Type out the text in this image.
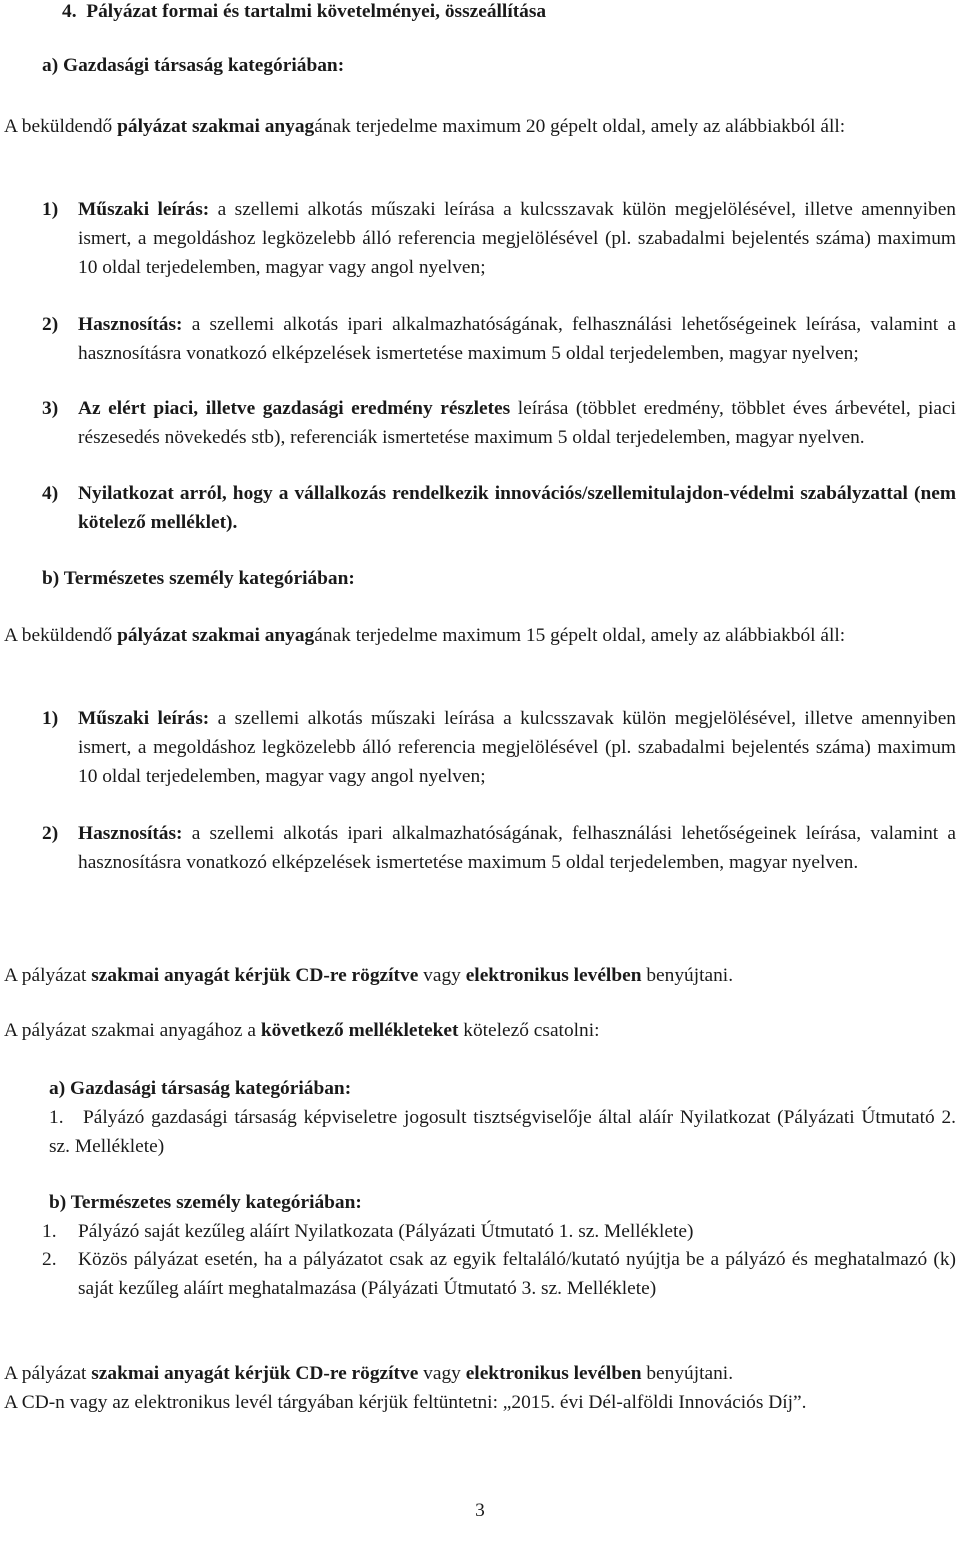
4.  Pályázat formai és tartalmi követelményei, összeállítása
a) Gazdasági társaság kategóriában:

A beküldendő pályázat szakmai anyagának terjedelme maximum 20 gépelt oldal, amely az alábbiakból áll:

1) Műszaki leírás: a szellemi alkotás műszaki leírása a kulcsszavak külön megjelölésével, illetve amennyiben ismert, a megoldáshoz legközelebb álló referencia megjelölésével (pl. szabadalmi bejelentés száma) maximum 10 oldal terjedelemben, magyar vagy angol nyelven;

2) Hasznosítás: a szellemi alkotás ipari alkalmazhatóságának, felhasználási lehetőségeinek leírása, valamint a hasznosításra vonatkozó elképzelések ismertetése maximum 5 oldal terjedelemben, magyar nyelven;

3) Az elért piaci, illetve gazdasági eredmény részletes leírása (többlet eredmény, többlet éves árbevétel, piaci részesedés növekedés stb), referenciák ismertetése maximum 5 oldal terjedelemben, magyar nyelven.

4) Nyilatkozat arról, hogy a vállalkozás rendelkezik innovációs/szellemitulajdon-védelmi szabályzattal (nem kötelező melléklet).

b) Természetes személy kategóriában:

A beküldendő pályázat szakmai anyagának terjedelme maximum 15 gépelt oldal, amely az alábbiakból áll:

1) Műszaki leírás: a szellemi alkotás műszaki leírása a kulcsszavak külön megjelölésével, illetve amennyiben ismert, a megoldáshoz legközelebb álló referencia megjelölésével (pl. szabadalmi bejelentés száma) maximum 10 oldal terjedelemben, magyar vagy angol nyelven;

2) Hasznosítás: a szellemi alkotás ipari alkalmazhatóságának, felhasználási lehetőségeinek leírása, valamint a hasznosításra vonatkozó elképzelések ismertetése maximum 5 oldal terjedelemben, magyar nyelven.

A pályázat szakmai anyagát kérjük CD-re rögzítve vagy elektronikus levélben benyújtani.

A pályázat szakmai anyagához a következő mellékleteket kötelező csatolni:

a) Gazdasági társaság kategóriában:
1.	Pályázó gazdasági társaság képviseletre jogosult tisztségviselője által aláír Nyilatkozat (Pályázati Útmutató 2. sz. Melléklete)

b) Természetes személy kategóriában:
1. Pályázó saját kezűleg aláírt Nyilatkozata (Pályázati Útmutató 1. sz. Melléklete)

2. Közös pályázat esetén, ha a pályázatot csak az egyik feltaláló/kutató nyújtja be a pályázó és meghatalmazó (k) saját kezűleg aláírt meghatalmazása (Pályázati Útmutató 3. sz. Melléklete)

A pályázat szakmai anyagát kérjük CD-re rögzítve vagy elektronikus levélben benyújtani.

A CD-n vagy az elektronikus levél tárgyában kérjük feltüntetni: „2015. évi Dél-alföldi Innovációs Díj”.

3
